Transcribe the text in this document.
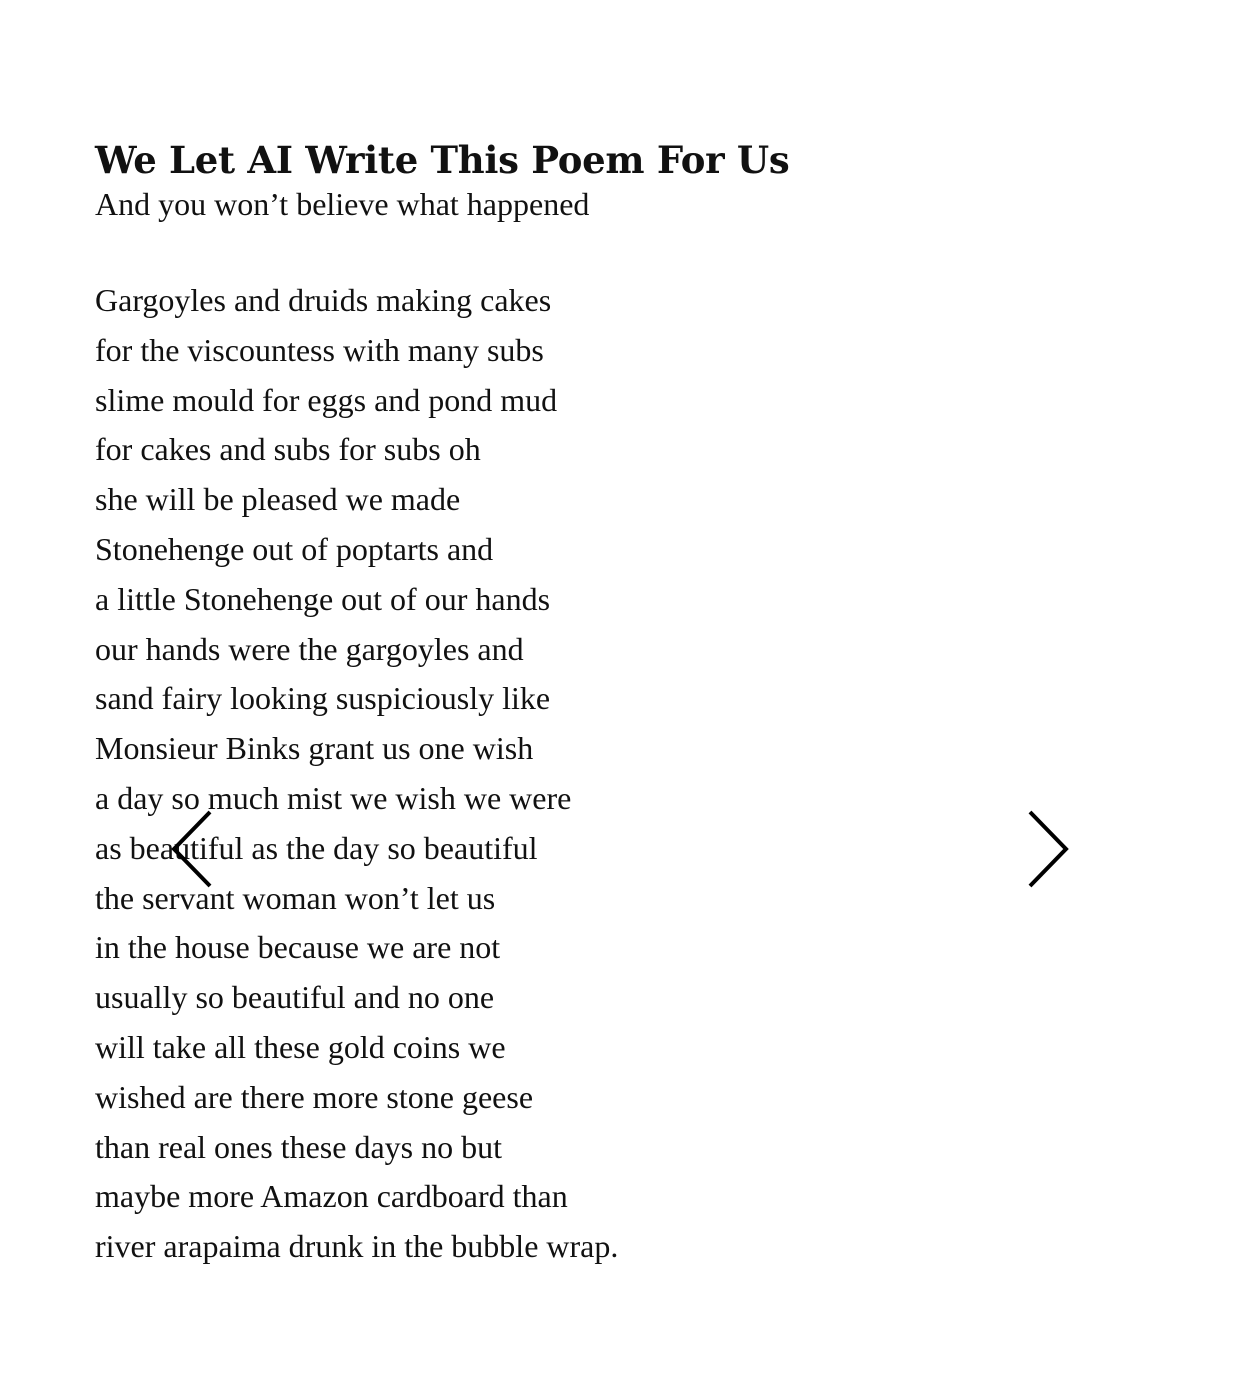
We Let AI Write This Poem For Us

And you won’t believe what happened

Gargoyles and druids making cakes
for the viscountess with many subs
slime mould for eggs and pond mud
for cakes and subs for subs oh
she will be pleased we made
Stonehenge out of poptarts and
a little Stonehenge out of our hands
our hands were the gargoyles and
sand fairy looking suspiciously like
Monsieur Binks grant us one wish
a day so much mist we wish we were
as beautiful as the day so beautiful
the servant woman won’t let us
in the house because we are not
usually so beautiful and no one
will take all these gold coins we
wished are there more stone geese
than real ones these days no but
maybe more Amazon cardboard than
river arapaima drunk in the bubble wrap.
